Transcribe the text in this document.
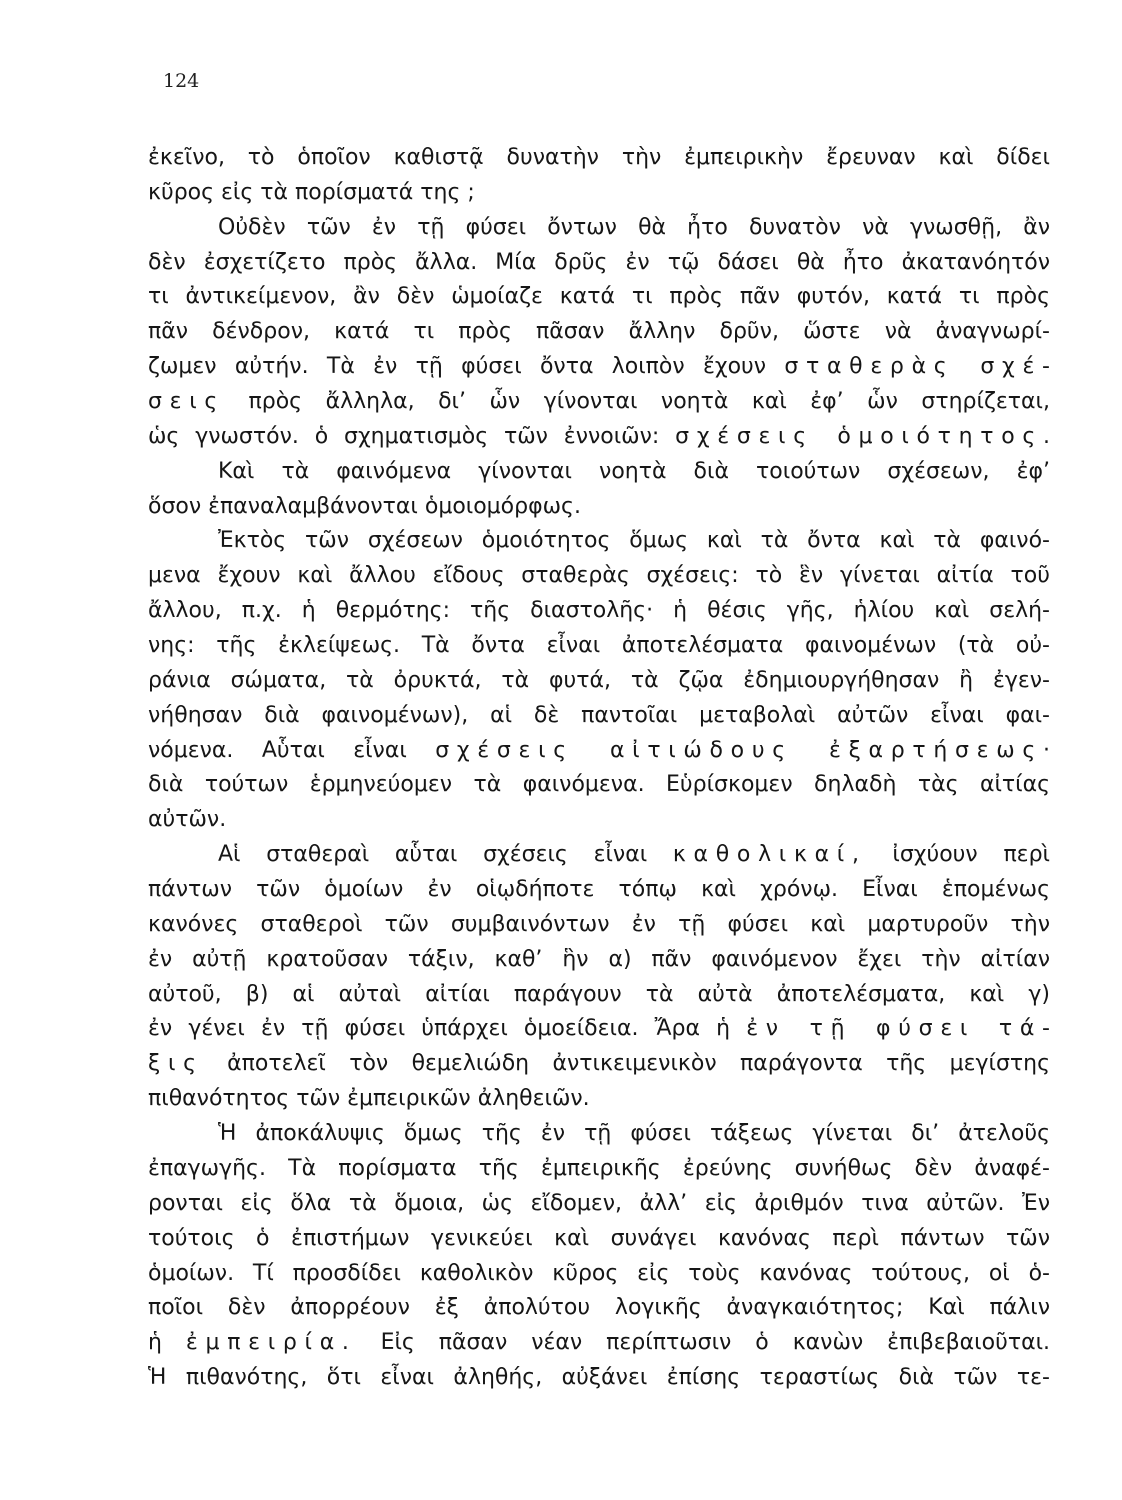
124
ἐκεῖνο, τὸ ὁποῖον καθιστᾷ δυνατὴν τὴν ἐμπειρικὴν ἔρευναν καὶ δίδει
κῦρος εἰς τὰ πορίσματά της ;
Οὐδὲν τῶν ἐν τῇ φύσει ὄντων θὰ ἦτο δυνατὸν νὰ γνωσθῇ, ἂν
δὲν ἐσχετίζετο πρὸς ἄλλα. Μία δρῦς ἐν τῷ δάσει θὰ ἦτο ἀκατανόητόν
τι ἀντικείμενον, ἂν δὲν ὡμοίαζε κατά τι πρὸς πᾶν φυτόν, κατά τι πρὸς
πᾶν δένδρον, κατά τι πρὸς πᾶσαν ἄλλην δρῦν, ὥστε νὰ ἀναγνωρί-
ζωμεν αὐτήν. Τὰ ἐν τῇ φύσει ὄντα λοιπὸν ἔχουν σταθερὰς σχέ-
σεις πρὸς ἄλληλα, δι’ ὧν γίνονται νοητὰ καὶ ἐφ’ ὧν στηρίζεται,
ὡς γνωστόν. ὁ σχηματισμὸς τῶν ἐννοιῶν: σχέσεις ὁμοιότητος.
Καὶ τὰ φαινόμενα γίνονται νοητὰ διὰ τοιούτων σχέσεων, ἐφ’
ὅσον ἐπαναλαμβάνονται ὁμοιομόρφως.
Ἐκτὸς τῶν σχέσεων ὁμοιότητος ὅμως καὶ τὰ ὄντα καὶ τὰ φαινό-
μενα ἔχουν καὶ ἄλλου εἴδους σταθερὰς σχέσεις: τὸ ἓν γίνεται αἰτία τοῦ
ἄλλου, π.χ. ἡ θερμότης: τῆς διαστολῆς· ἡ θέσις γῆς, ἡλίου καὶ σελή-
νης: τῆς ἐκλείψεως. Τὰ ὄντα εἶναι ἀποτελέσματα φαινομένων (τὰ οὐ-
ράνια σώματα, τὰ ὀρυκτά, τὰ φυτά, τὰ ζῷα ἐδημιουργήθησαν ἢ ἐγεν-
νήθησαν διὰ φαινομένων), αἱ δὲ παντοῖαι μεταβολαὶ αὐτῶν εἶναι φαι-
νόμενα. Αὗται εἶναι σχέσεις αἰτιώδους ἐξαρτήσεως·
διὰ τούτων ἑρμηνεύομεν τὰ φαινόμενα. Εὑρίσκομεν δηλαδὴ τὰς αἰτίας
αὐτῶν.
Αἱ σταθεραὶ αὗται σχέσεις εἶναι καθολικαί, ἰσχύουν περὶ
πάντων τῶν ὁμοίων ἐν οἱῳδήποτε τόπῳ καὶ χρόνῳ. Εἶναι ἑπομένως
κανόνες σταθεροὶ τῶν συμβαινόντων ἐν τῇ φύσει καὶ μαρτυροῦν τὴν
ἐν αὐτῇ κρατοῦσαν τάξιν, καθ’ ἣν α) πᾶν φαινόμενον ἔχει τὴν αἰτίαν
αὐτοῦ, β) αἱ αὐταὶ αἰτίαι παράγουν τὰ αὐτὰ ἀποτελέσματα, καὶ γ)
ἐν γένει ἐν τῇ φύσει ὑπάρχει ὁμοείδεια. Ἄρα ἡ ἐν τῇ φύσει τά-
ξις ἀποτελεῖ τὸν θεμελιώδη ἀντικειμενικὸν παράγοντα τῆς μεγίστης
πιθανότητος τῶν ἐμπειρικῶν ἀληθειῶν.
Ἡ ἀποκάλυψις ὅμως τῆς ἐν τῇ φύσει τάξεως γίνεται δι’ ἀτελοῦς
ἐπαγωγῆς. Τὰ πορίσματα τῆς ἐμπειρικῆς ἐρεύνης συνήθως δὲν ἀναφέ-
ρονται εἰς ὅλα τὰ ὅμοια, ὡς εἴδομεν, ἀλλ’ εἰς ἀριθμόν τινα αὐτῶν. Ἐν
τούτοις ὁ ἐπιστήμων γενικεύει καὶ συνάγει κανόνας περὶ πάντων τῶν
ὁμοίων. Τί προσδίδει καθολικὸν κῦρος εἰς τοὺς κανόνας τούτους, οἱ ὁ-
ποῖοι δὲν ἀπορρέουν ἐξ ἀπολύτου λογικῆς ἀναγκαιότητος; Καὶ πάλιν
ἡ ἐμπειρία. Εἰς πᾶσαν νέαν περίπτωσιν ὁ κανὼν ἐπιβεβαιοῦται.
Ἡ πιθανότης, ὅτι εἶναι ἀληθής, αὐξάνει ἐπίσης τεραστίως διὰ τῶν τε-
